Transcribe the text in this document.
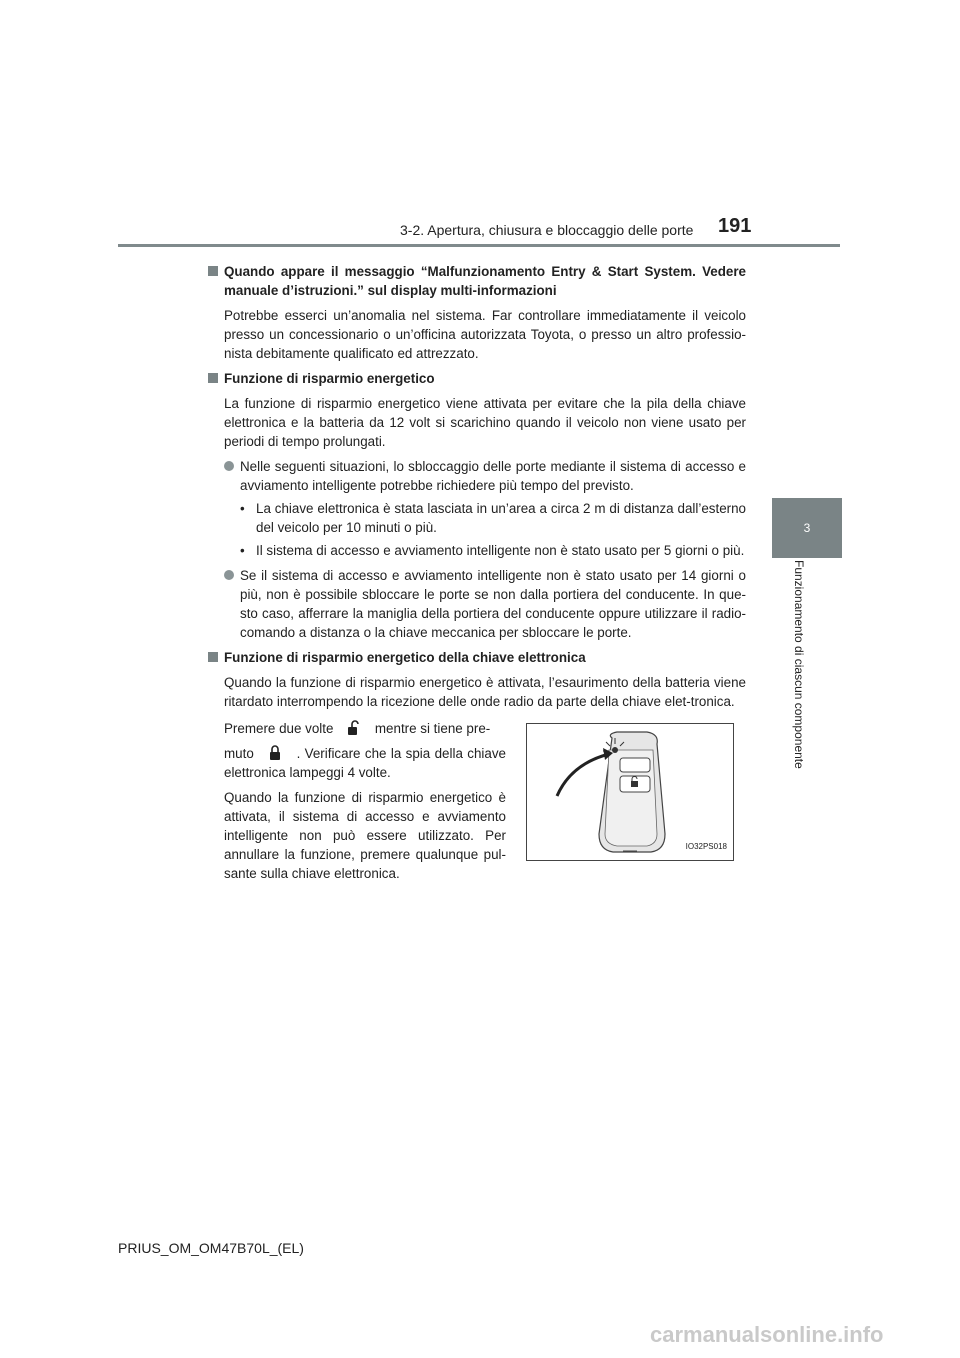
3-2. Apertura, chiusura e bloccaggio delle porte 191
3
Funzionamento di ciascun componente
Quando appare il messaggio “Malfunzionamento Entry & Start System. Vedere manuale d’istruzioni.” sul display multi-informazioni
Potrebbe esserci un’anomalia nel sistema. Far controllare immediatamente il veicolo presso un concessionario o un’officina autorizzata Toyota, o presso un altro professio-nista debitamente qualificato ed attrezzato.
Funzione di risparmio energetico
La funzione di risparmio energetico viene attivata per evitare che la pila della chiave elettronica e la batteria da 12 volt si scarichino quando il veicolo non viene usato per periodi di tempo prolungati.
Nelle seguenti situazioni, lo sbloccaggio delle porte mediante il sistema di accesso e avviamento intelligente potrebbe richiedere più tempo del previsto.
• La chiave elettronica è stata lasciata in un’area a circa 2 m di distanza dall’esterno del veicolo per 10 minuti o più.
• Il sistema di accesso e avviamento intelligente non è stato usato per 5 giorni o più.
Se il sistema di accesso e avviamento intelligente non è stato usato per 14 giorni o più, non è possibile sbloccare le porte se non dalla portiera del conducente. In que-sto caso, afferrare la maniglia della portiera del conducente oppure utilizzare il radio-comando a distanza o la chiave meccanica per sbloccare le porte.
Funzione di risparmio energetico della chiave elettronica
Quando la funzione di risparmio energetico è attivata, l’esaurimento della batteria viene ritardato interrompendo la ricezione delle onde radio da parte della chiave elet-tronica.

Premere due volte	mentre si tiene pre-

muto	. Verificare che la spia della chiave elettronica lampeggi 4 volte.

Quando la funzione di risparmio energetico è attivata, il sistema di accesso e avviamento intelligente non può essere utilizzato. Per annullare la funzione, premere qualunque pul-sante sulla chiave elettronica.

IO32PS018
PRIUS_OM_OM47B70L_(EL)
carmanualsonline.info
